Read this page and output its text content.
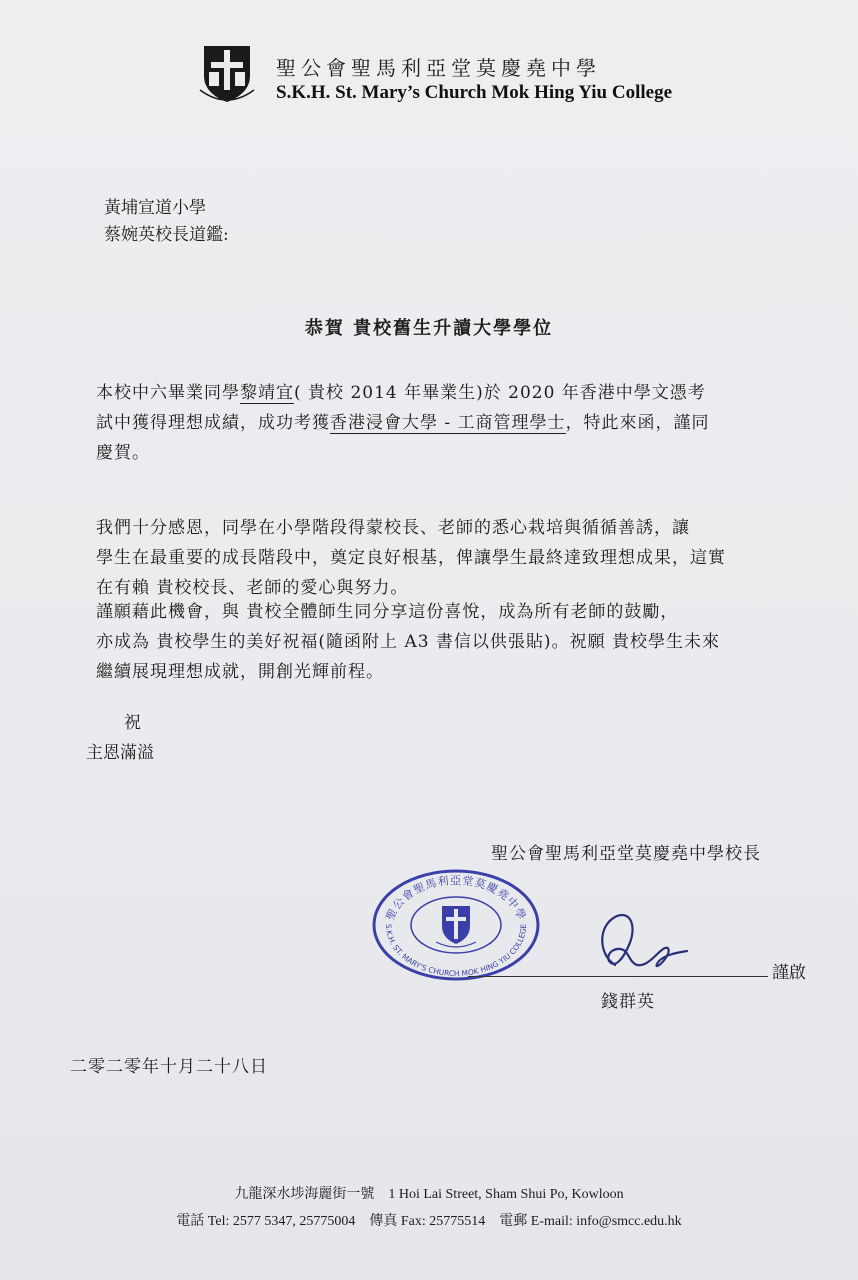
聖公會聖馬利亞堂莫慶堯中學
S.K.H. St. Mary’s Church Mok Hing Yiu College
黃埔宣道小學
蔡婉英校長道鑑:
恭賀 貴校舊生升讀大學學位
本校中六畢業同學黎靖宜( 貴校 2014 年畢業生)於 2020 年香港中學文憑考
試中獲得理想成績，成功考獲香港浸會大學 - 工商管理學士，特此來函，謹同
慶賀。
我們十分感恩，同學在小學階段得蒙校長、老師的悉心栽培與循循善誘，讓
學生在最重要的成長階段中，奠定良好根基，俾讓學生最終達致理想成果，這實
在有賴 貴校校長、老師的愛心與努力。
謹願藉此機會，與 貴校全體師生同分享這份喜悅，成為所有老師的鼓勵，
亦成為 貴校學生的美好祝福(隨函附上 A3 書信以供張貼)。祝願 貴校學生未來
繼續展現理想成就，開創光輝前程。
祝
主恩滿溢
聖公會聖馬利亞堂莫慶堯中學校長
聖公會聖馬利亞堂莫慶堯中學
S.K.H. ST. MARY'S CHURCH MOK HING YIU COLLEGE
謹啟
錢群英
二零二零年十月二十八日
九龍深水埗海麗街一號　1 Hoi Lai Street, Sham Shui Po, Kowloon
電話 Tel: 2577 5347, 25775004　傳真 Fax: 25775514　電郵 E-mail: info@smcc.edu.hk
